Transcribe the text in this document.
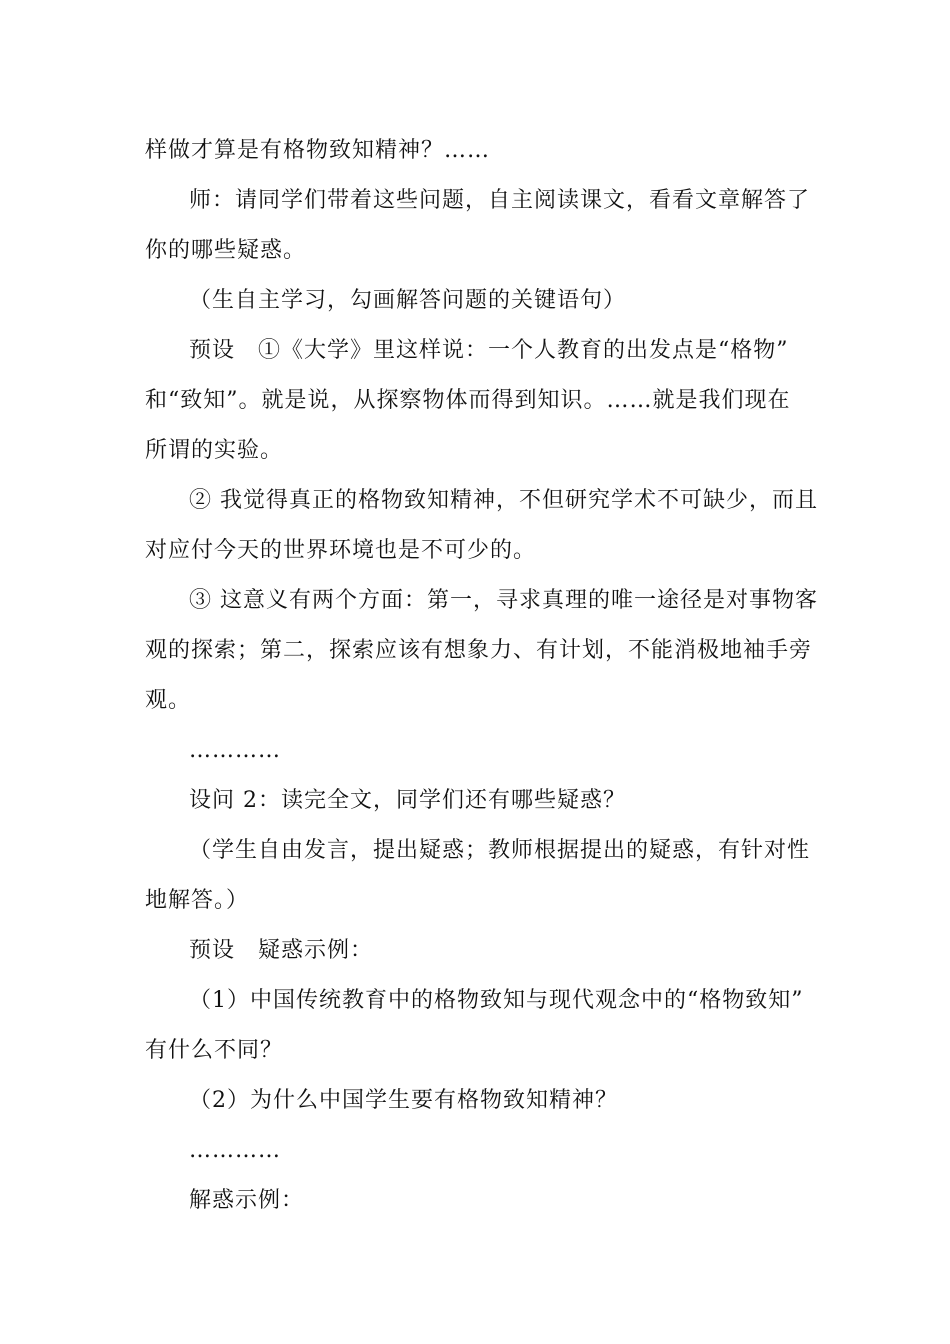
样做才算是有格物致知精神？……
师：请同学们带着这些问题，自主阅读课文，看看文章解答了
你的哪些疑惑。
（生自主学习，勾画解答问题的关键语句）
预设　①《大学》里这样说：一个人教育的出发点是“格物”
和“致知”。就是说，从探察物体而得到知识。……就是我们现在
所谓的实验。
② 我觉得真正的格物致知精神，不但研究学术不可缺少，而且
对应付今天的世界环境也是不可少的。
③ 这意义有两个方面：第一，寻求真理的唯一途径是对事物客
观的探索；第二，探索应该有想象力、有计划，不能消极地袖手旁
观。
…………
设问 2：读完全文，同学们还有哪些疑惑？
（学生自由发言，提出疑惑；教师根据提出的疑惑，有针对性
地解答。）
预设　疑惑示例：
（1）中国传统教育中的格物致知与现代观念中的“格物致知”
有什么不同？
（2）为什么中国学生要有格物致知精神？
…………
解惑示例：
